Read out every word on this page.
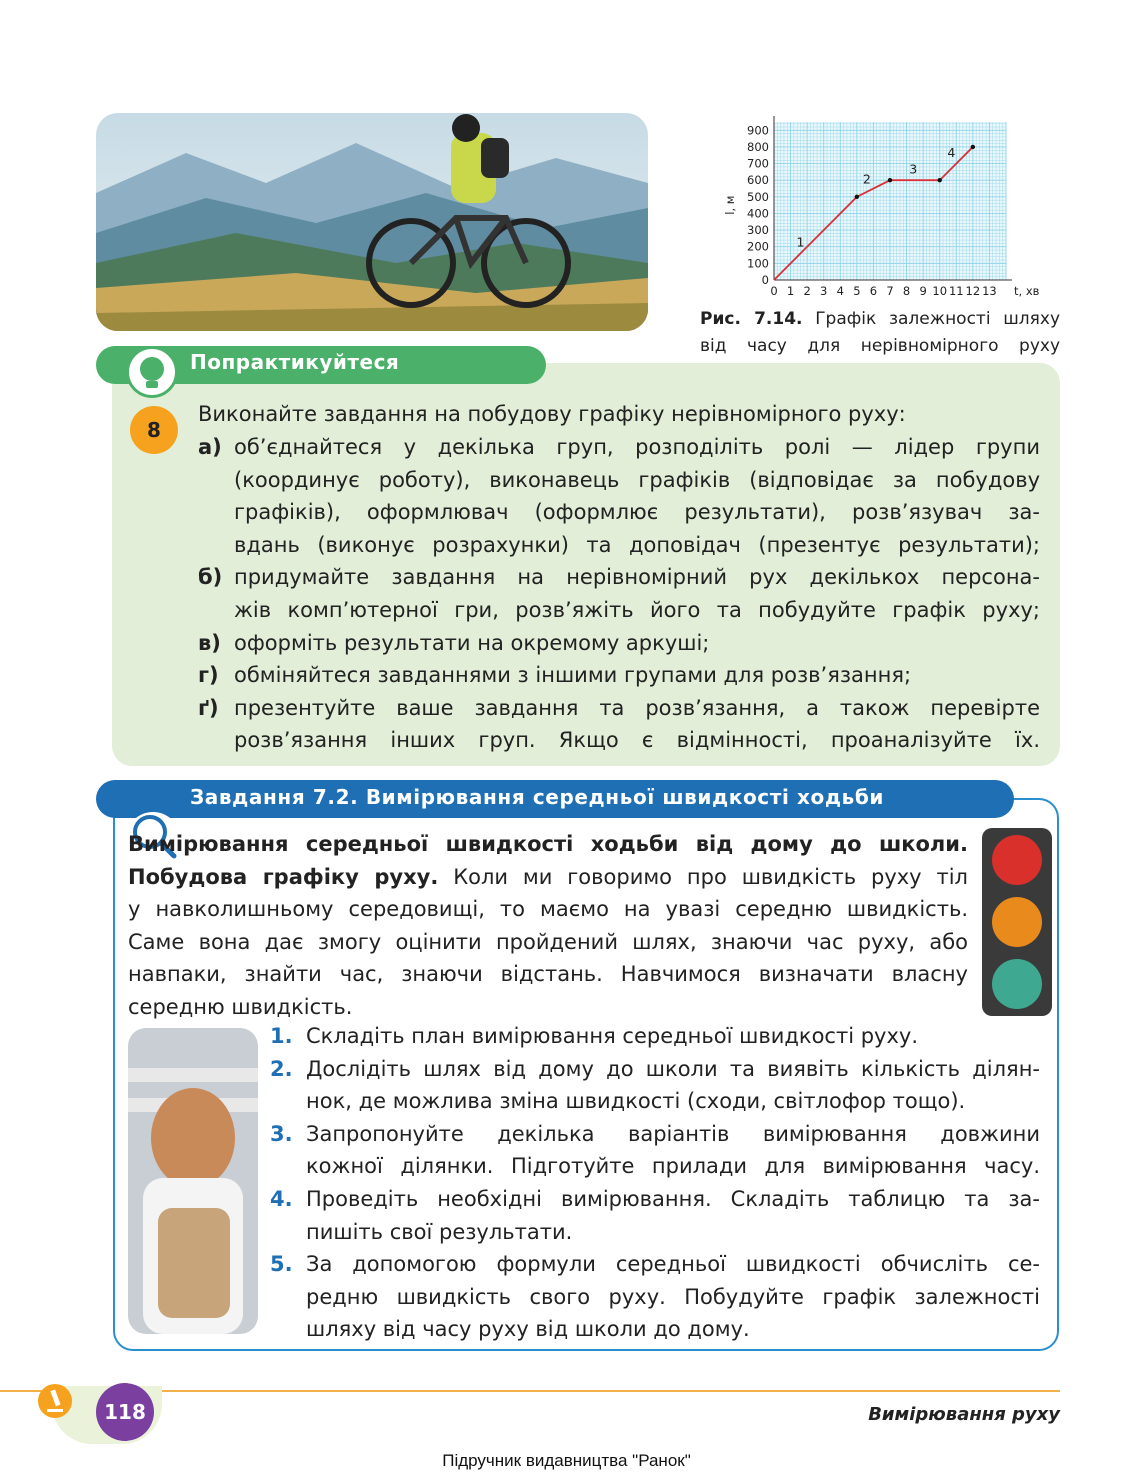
0 1 2 3 4 5 6 7 8 9 10 11 12 13
0
100
200
300
400
500
600
700
800
900
t, хв
l, м
1
2
3
4
Рис. 7.14. Графік залежності шляху
від часу для нерівномірного руху
Попрактикуйтеся
8
Виконайте завдання на побудову графіку нерівномірного руху:
а) об’єднайтеся у декілька груп, розподіліть ролі — лідер групи
(координує роботу), виконавець графіків (відповідає за побудову
графіків), оформлювач (оформлює результати), розв’язувач за-
вдань (виконує розрахунки) та доповідач (презентує результати);
б) придумайте завдання на нерівномірний рух декількох персона-
жів комп’ютерної гри, розв’яжіть його та побудуйте графік руху;
в) оформіть результати на окремому аркуші;
г) обміняйтеся завданнями з іншими групами для розв’язання;
ґ) презентуйте ваше завдання та розв’язання, а також перевірте
розв’язання інших груп. Якщо є відмінності, проаналізуйте їх.
Завдання 7.2. Вимірювання середньої швидкості ходьби
Вимірювання середньої швидкості ходьби від дому до школи.
Побудова графіку руху. Коли ми говоримо про швидкість руху тіл
у навколишньому середовищі, то маємо на увазі середню швидкість.
Саме вона дає змогу оцінити пройдений шлях, знаючи час руху, або
навпаки, знайти час, знаючи відстань. Навчимося визначати власну
середню швидкість.
1. Складіть план вимірювання середньої швидкості руху.
2. Дослідіть шлях від дому до школи та виявіть кількість ділян-
нок, де можлива зміна швидкості (сходи, світлофор тощо).
3. Запропонуйте декілька варіантів вимірювання довжини
кожної ділянки. Підготуйте прилади для вимірювання часу.
4. Проведіть необхідні вимірювання. Складіть таблицю та за-
пишіть свої результати.
5. За допомогою формули середньої швидкості обчисліть се-
редню швидкість свого руху. Побудуйте графік залежності
шляху від часу руху від школи до дому.
118	Вимірювання руху
Підручник видавництва "Ранок"
